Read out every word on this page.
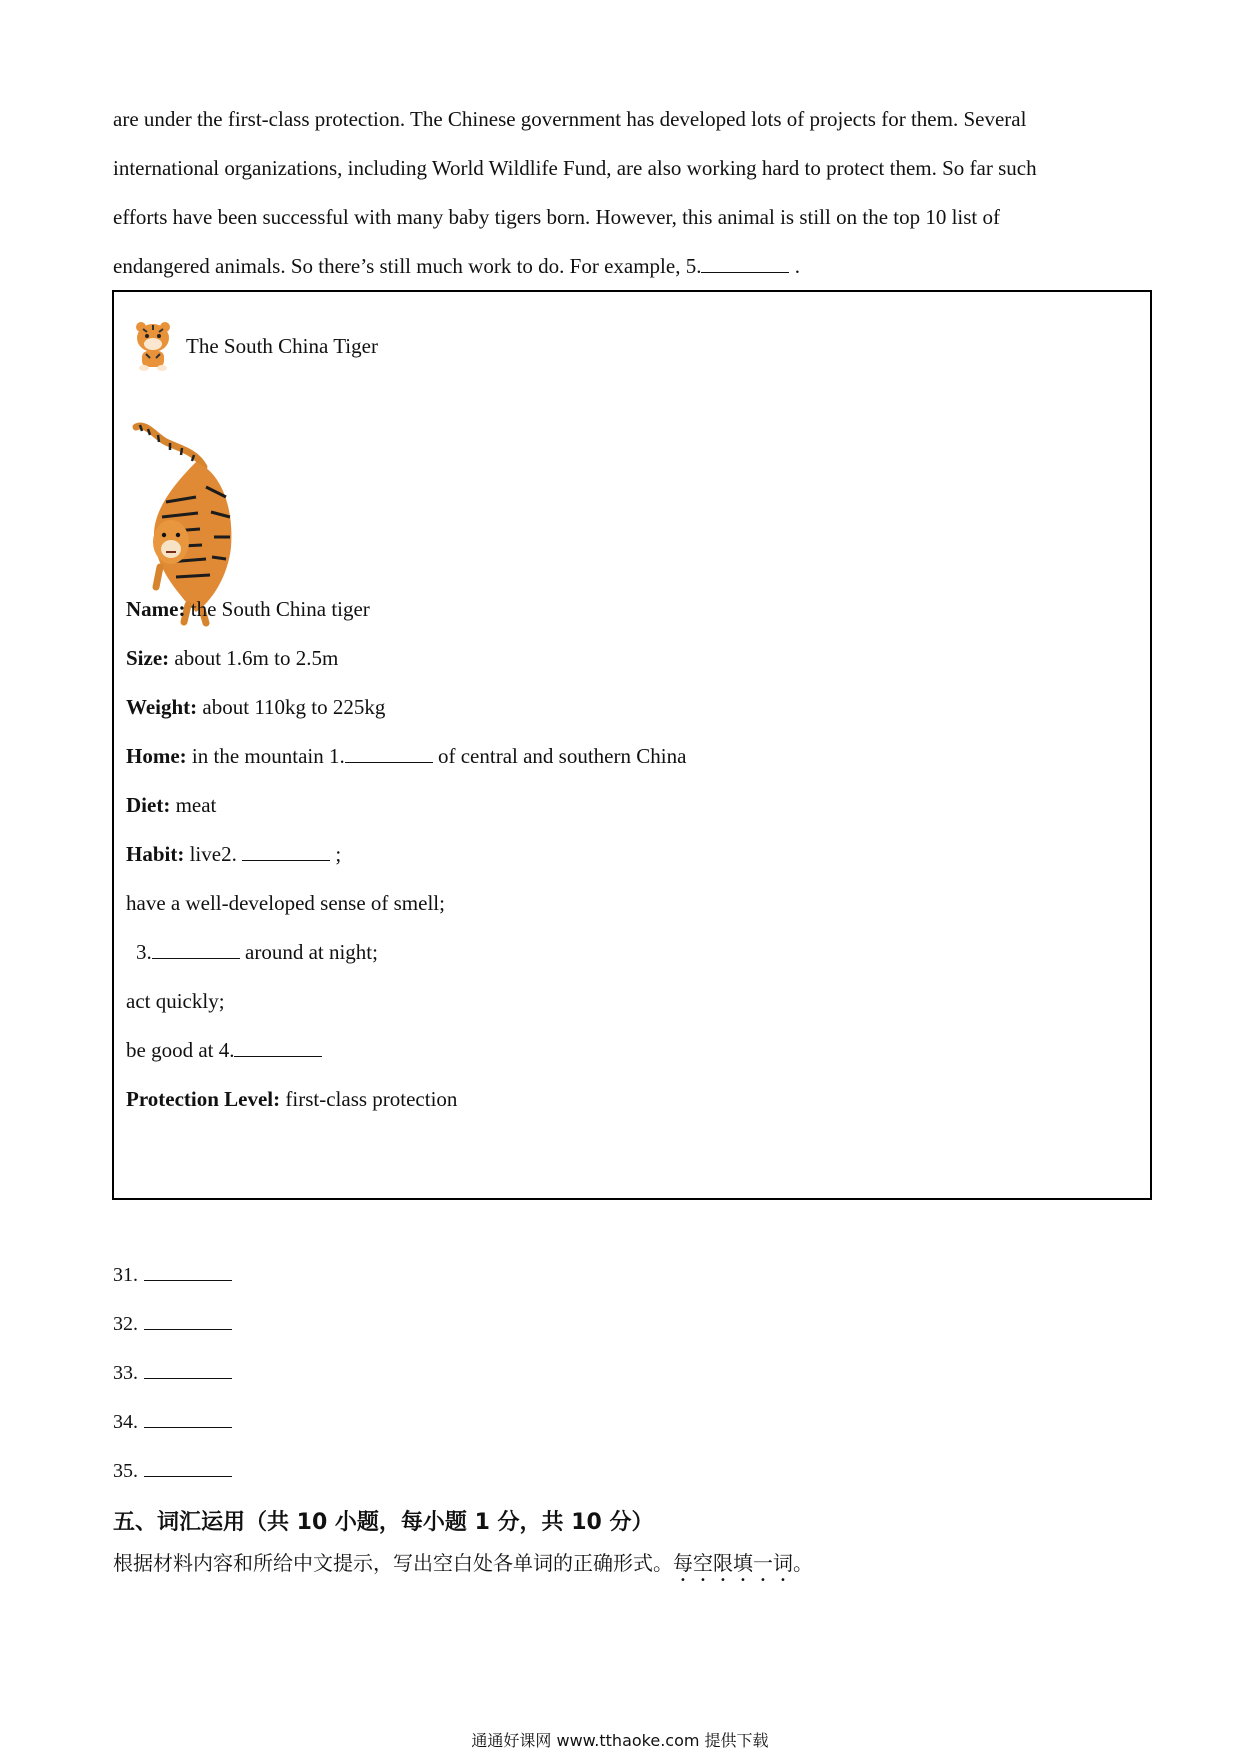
are under the first-class protection. The Chinese government has developed lots of projects for them. Several

international organizations, including World Wildlife Fund, are also working hard to protect them. So far such

efforts have been successful with many baby tigers born. However, this animal is still on the top 10 list of

endangered animals. So there’s still much work to do. For example, 5.	.

The South China Tiger
Name: the South China tiger
Size: about 1.6m to 2.5m
Weight: about 110kg to 225kg
Home: in the mountain 1.	of central and southern China
Diet: meat
Habit: live2.	;
have a well-developed sense of smell;
3.	around at night;
act quickly;
be good at 4.
Protection Level: first-class protection
31.
32.
33.
34.
35.
五、词汇运用（共 10 小题，每小题 1 分，共 10 分）
根据材料内容和所给中文提示，写出空白处各单词的正确形式。每空限填一词。
通通好课网 www.tthaoke.com 提供下载
